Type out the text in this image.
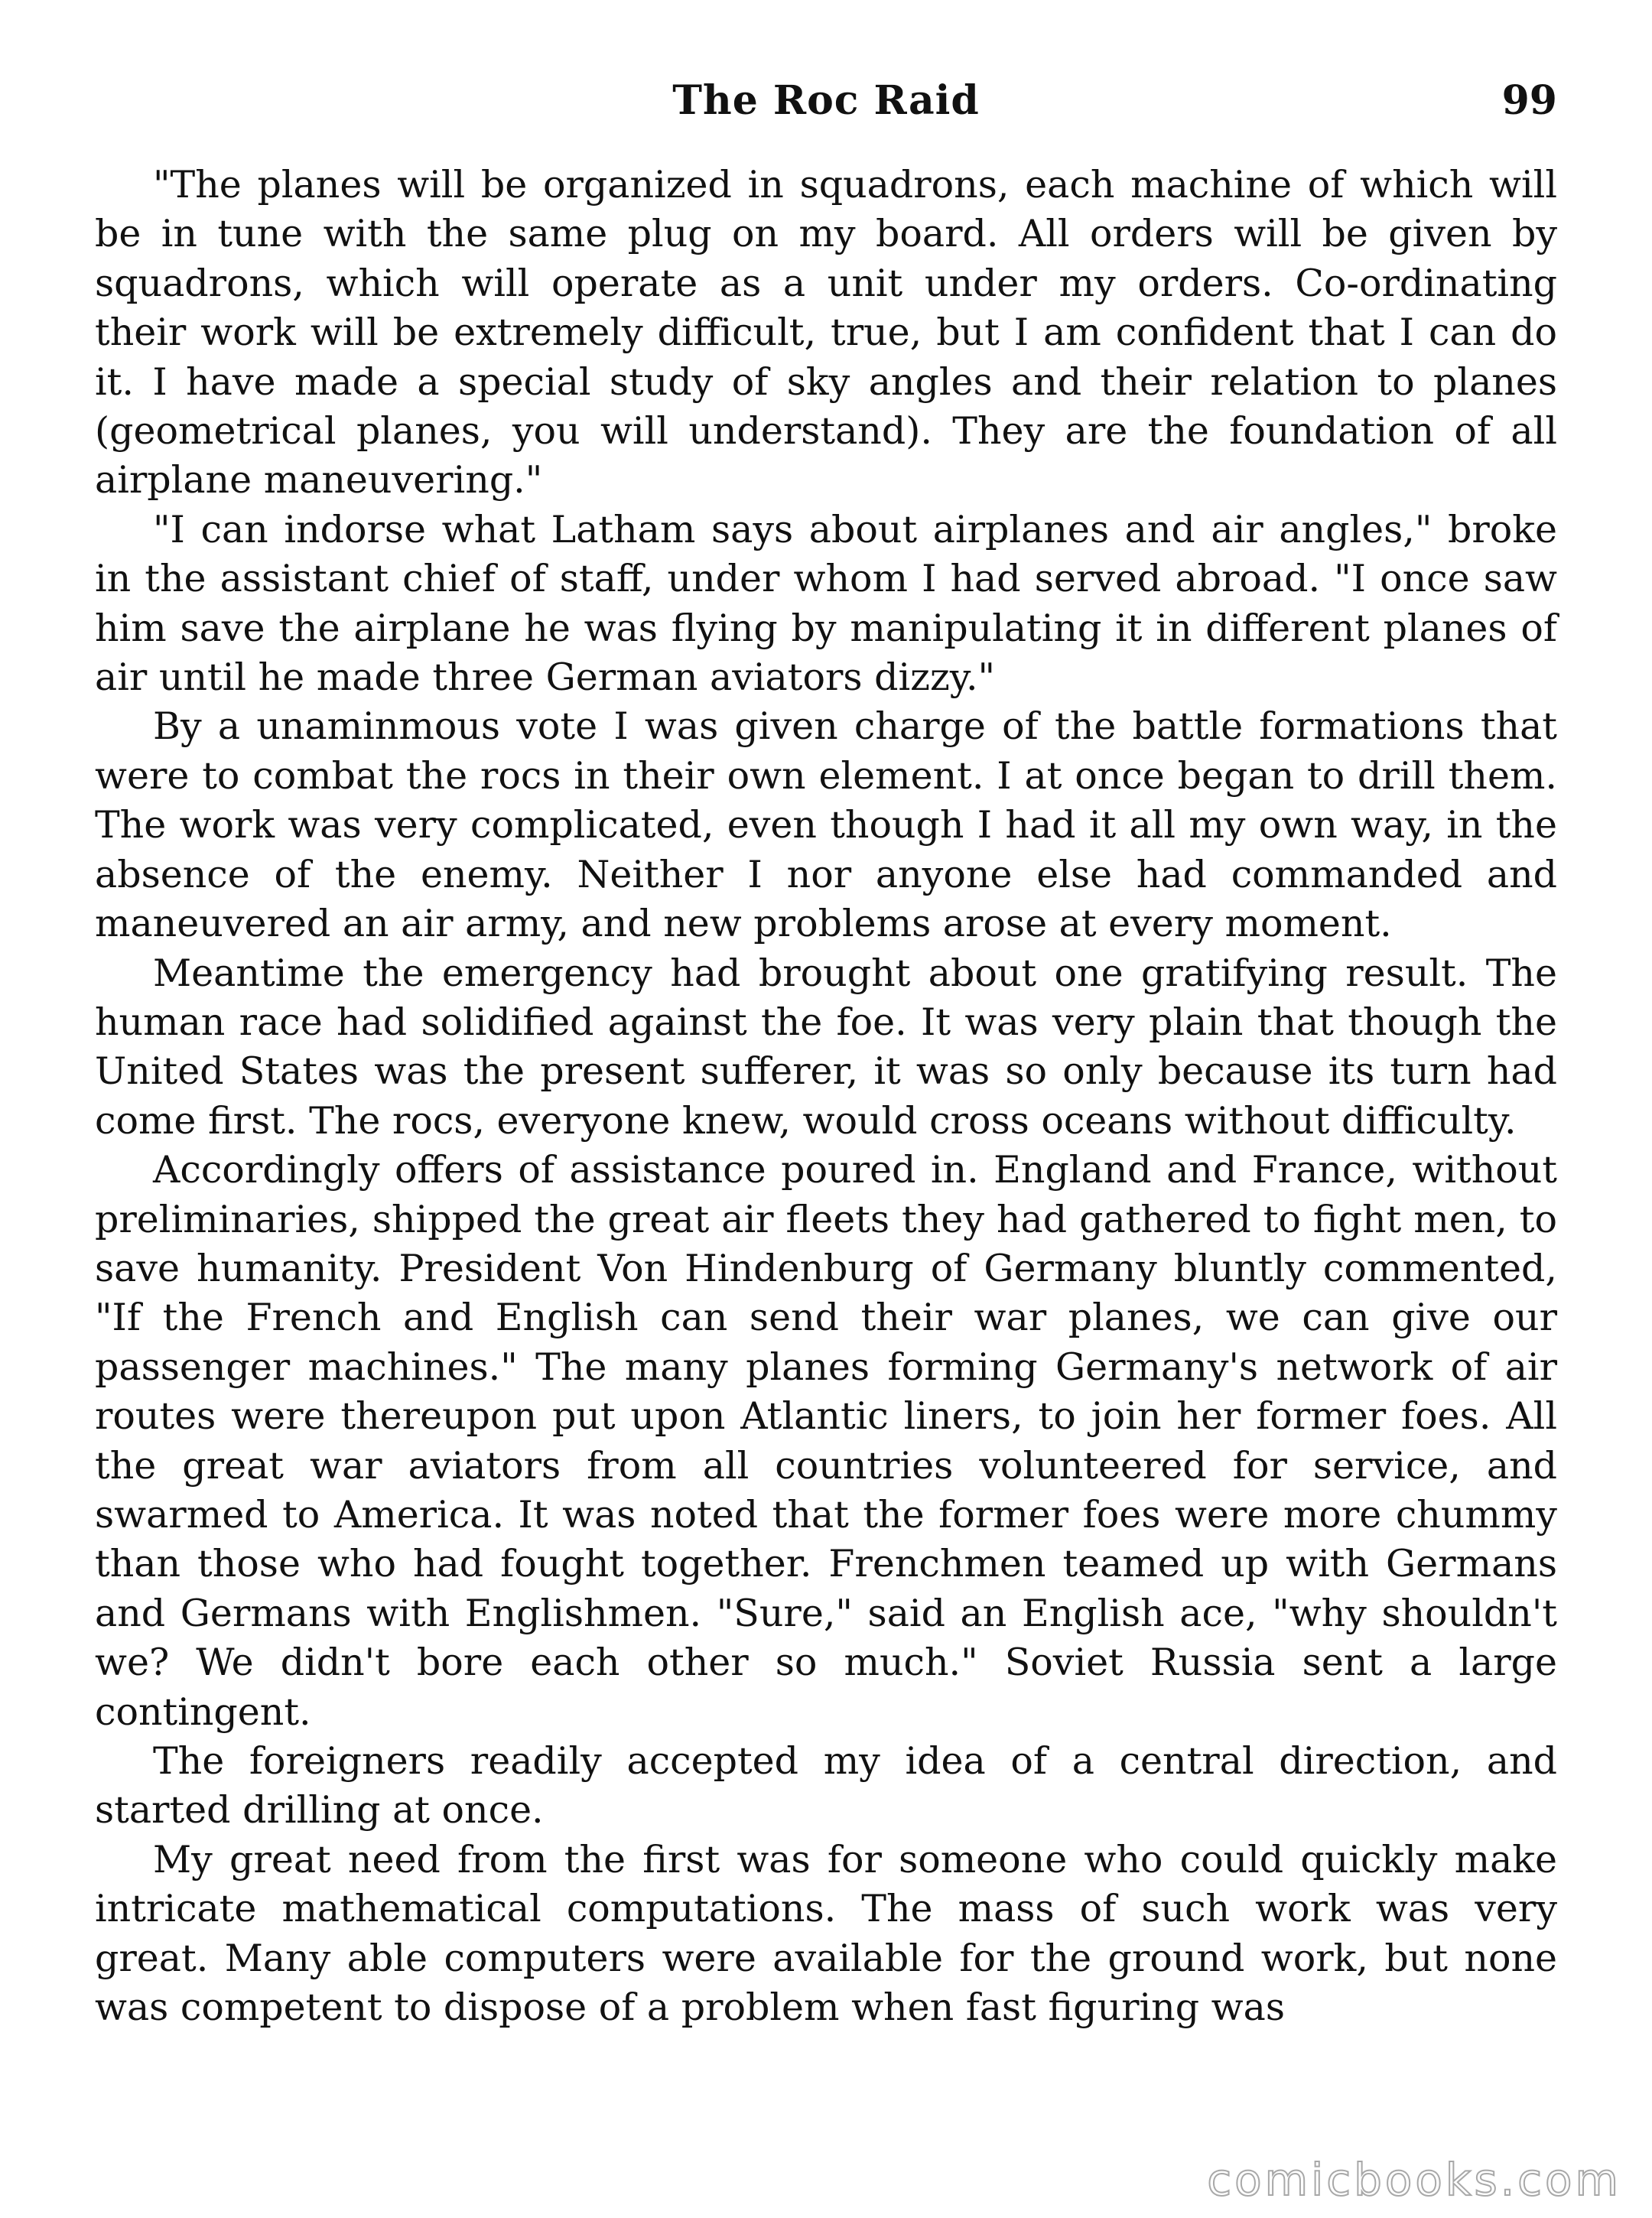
The Roc Raid	99

"The planes will be organized in squadrons, each machine of which will be in tune with the same plug on my board. All orders will be given by squadrons, which will operate as a unit under my orders. Co-ordinating their work will be extremely difficult, true, but I am confident that I can do it. I have made a special study of sky angles and their relation to planes (geometrical planes, you will understand). They are the foundation of all airplane maneuvering."

"I can indorse what Latham says about airplanes and air angles," broke in the assistant chief of staff, under whom I had served abroad. "I once saw him save the airplane he was flying by manipulating it in different planes of air until he made three German aviators dizzy."

By a unaminmous vote I was given charge of the battle formations that were to combat the rocs in their own element. I at once began to drill them. The work was very complicated, even though I had it all my own way, in the absence of the enemy. Neither I nor anyone else had commanded and maneuvered an air army, and new problems arose at every moment.

Meantime the emergency had brought about one gratifying result. The human race had solidified against the foe. It was very plain that though the United States was the present sufferer, it was so only because its turn had come first. The rocs, everyone knew, would cross oceans without difficulty.

Accordingly offers of assistance poured in. England and France, without preliminaries, shipped the great air fleets they had gathered to fight men, to save humanity. President Von Hindenburg of Germany bluntly commented, "If the French and English can send their war planes, we can give our passenger machines." The many planes forming Germany's network of air routes were thereupon put upon Atlantic liners, to join her former foes. All the great war aviators from all countries volunteered for service, and swarmed to America. It was noted that the former foes were more chummy than those who had fought together. Frenchmen teamed up with Germans and Germans with Englishmen. "Sure," said an English ace, "why shouldn't we? We didn't bore each other so much." Soviet Russia sent a large contingent.

The foreigners readily accepted my idea of a central direction, and started drilling at once.

My great need from the first was for someone who could quickly make intricate mathematical computations. The mass of such work was very great. Many able computers were available for the ground work, but none was competent to dispose of a problem when fast figuring was

comicbooks.com
